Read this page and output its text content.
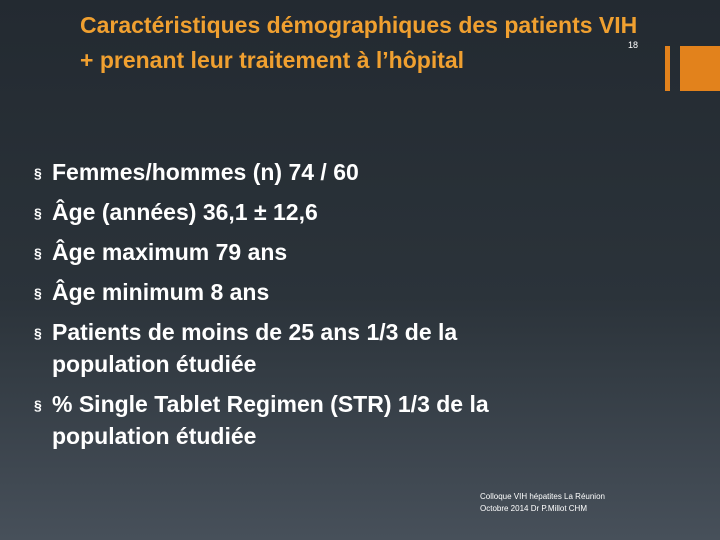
Caractéristiques démographiques des patients VIH + prenant leur traitement à l’hôpital
18
§ Femmes/hommes (n) 74 / 60
§ Âge (années) 36,1 ± 12,6
§ Âge maximum 79 ans
§ Âge minimum 8 ans
§ Patients de moins de 25 ans 1/3 de la
population étudiée
§ % Single Tablet Regimen (STR) 1/3 de la
population étudiée
Colloque VIH hépatites La Réunion
Octobre 2014 Dr P.Millot CHM
